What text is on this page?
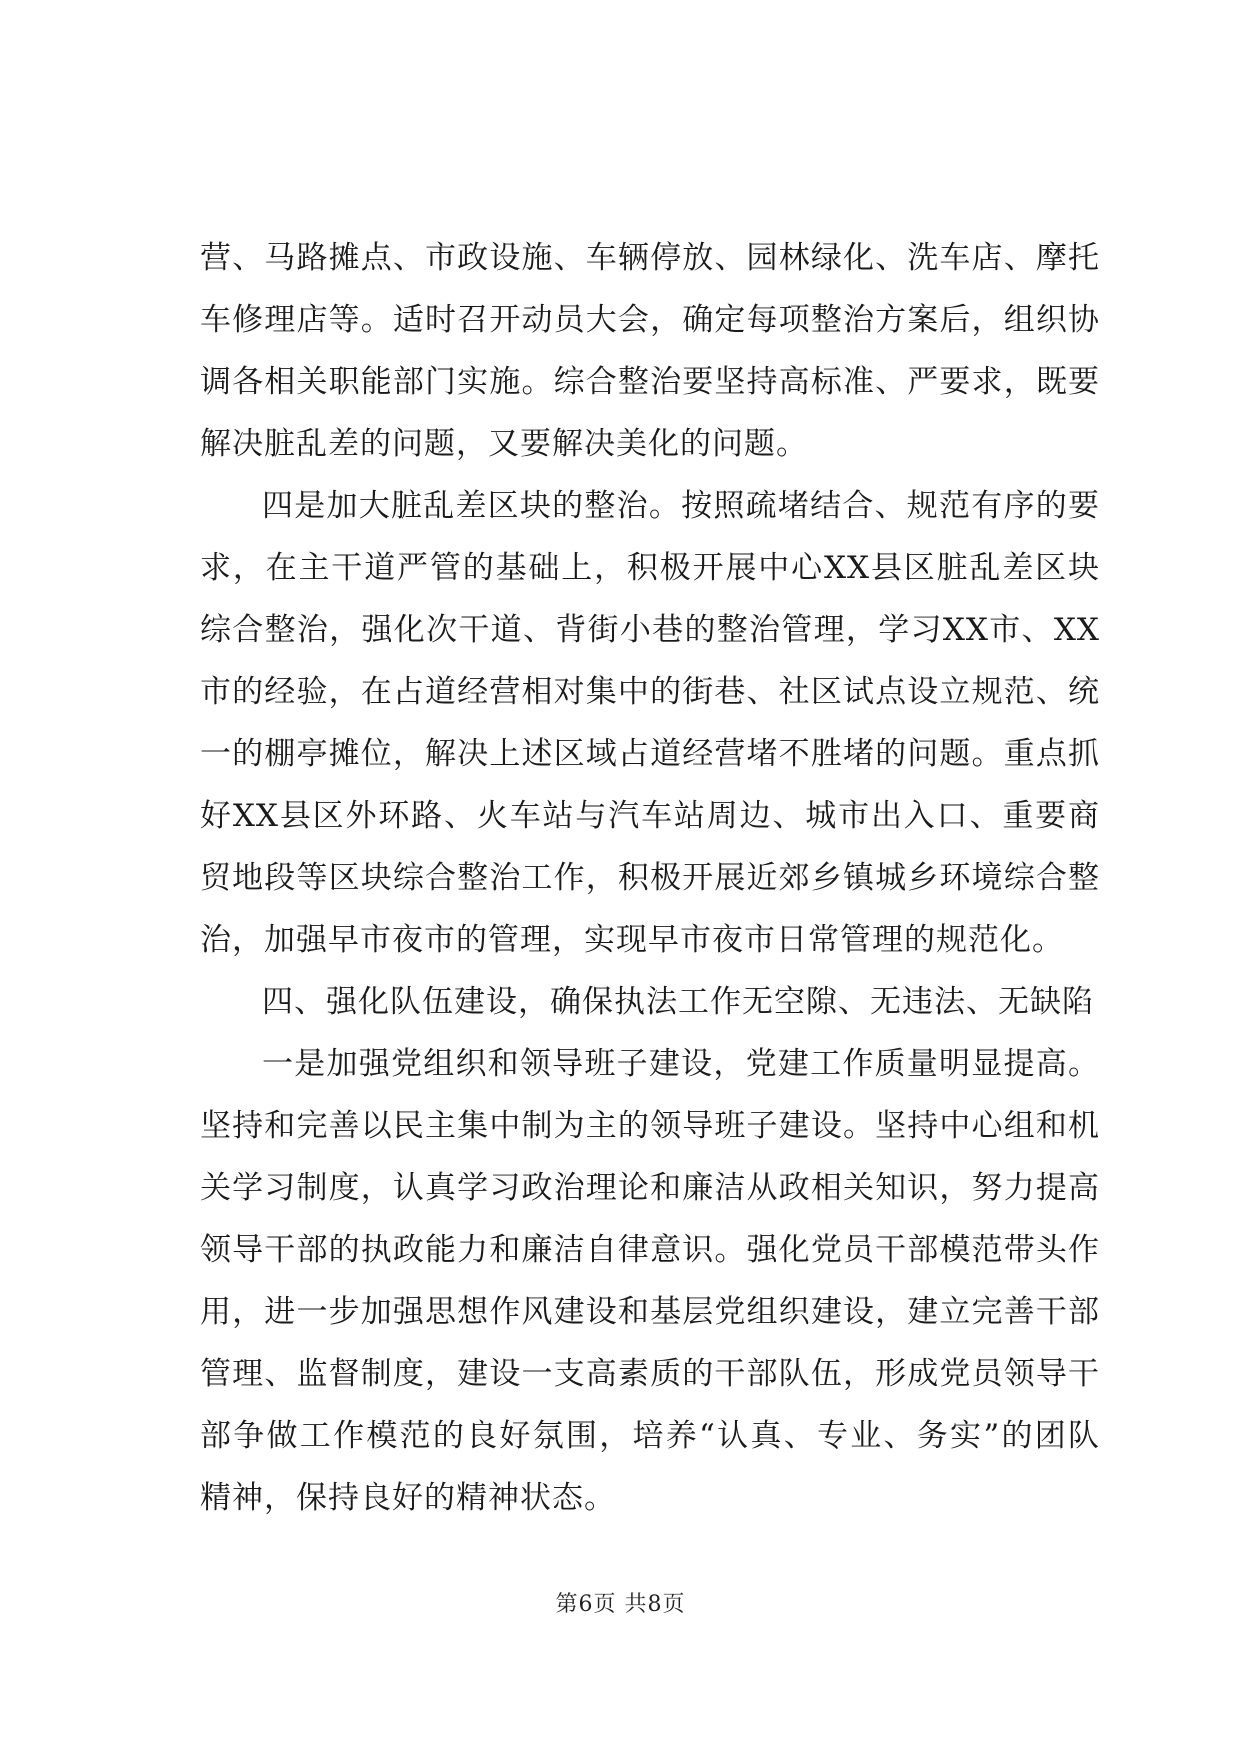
营、马路摊点、市政设施、车辆停放、园林绿化、洗车店、摩托
车修理店等。适时召开动员大会，确定每项整治方案后，组织协
调各相关职能部门实施。综合整治要坚持高标准、严要求，既要
解决脏乱差的问题，又要解决美化的问题。
四是加大脏乱差区块的整治。按照疏堵结合、规范有序的要
求，在主干道严管的基础上，积极开展中心XX县区脏乱差区块
综合整治，强化次干道、背街小巷的整治管理，学习XX市、XX
市的经验，在占道经营相对集中的街巷、社区试点设立规范、统
一的棚亭摊位，解决上述区域占道经营堵不胜堵的问题。重点抓
好XX县区外环路、火车站与汽车站周边、城市出入口、重要商
贸地段等区块综合整治工作，积极开展近郊乡镇城乡环境综合整
治，加强早市夜市的管理，实现早市夜市日常管理的规范化。
四、强化队伍建设，确保执法工作无空隙、无违法、无缺陷
一是加强党组织和领导班子建设，党建工作质量明显提高。
坚持和完善以民主集中制为主的领导班子建设。坚持中心组和机
关学习制度，认真学习政治理论和廉洁从政相关知识，努力提高
领导干部的执政能力和廉洁自律意识。强化党员干部模范带头作
用，进一步加强思想作风建设和基层党组织建设，建立完善干部
管理、监督制度，建设一支高素质的干部队伍，形成党员领导干
部争做工作模范的良好氛围，培养“认真、专业、务实”的团队
精神，保持良好的精神状态。
第6页 共8页
